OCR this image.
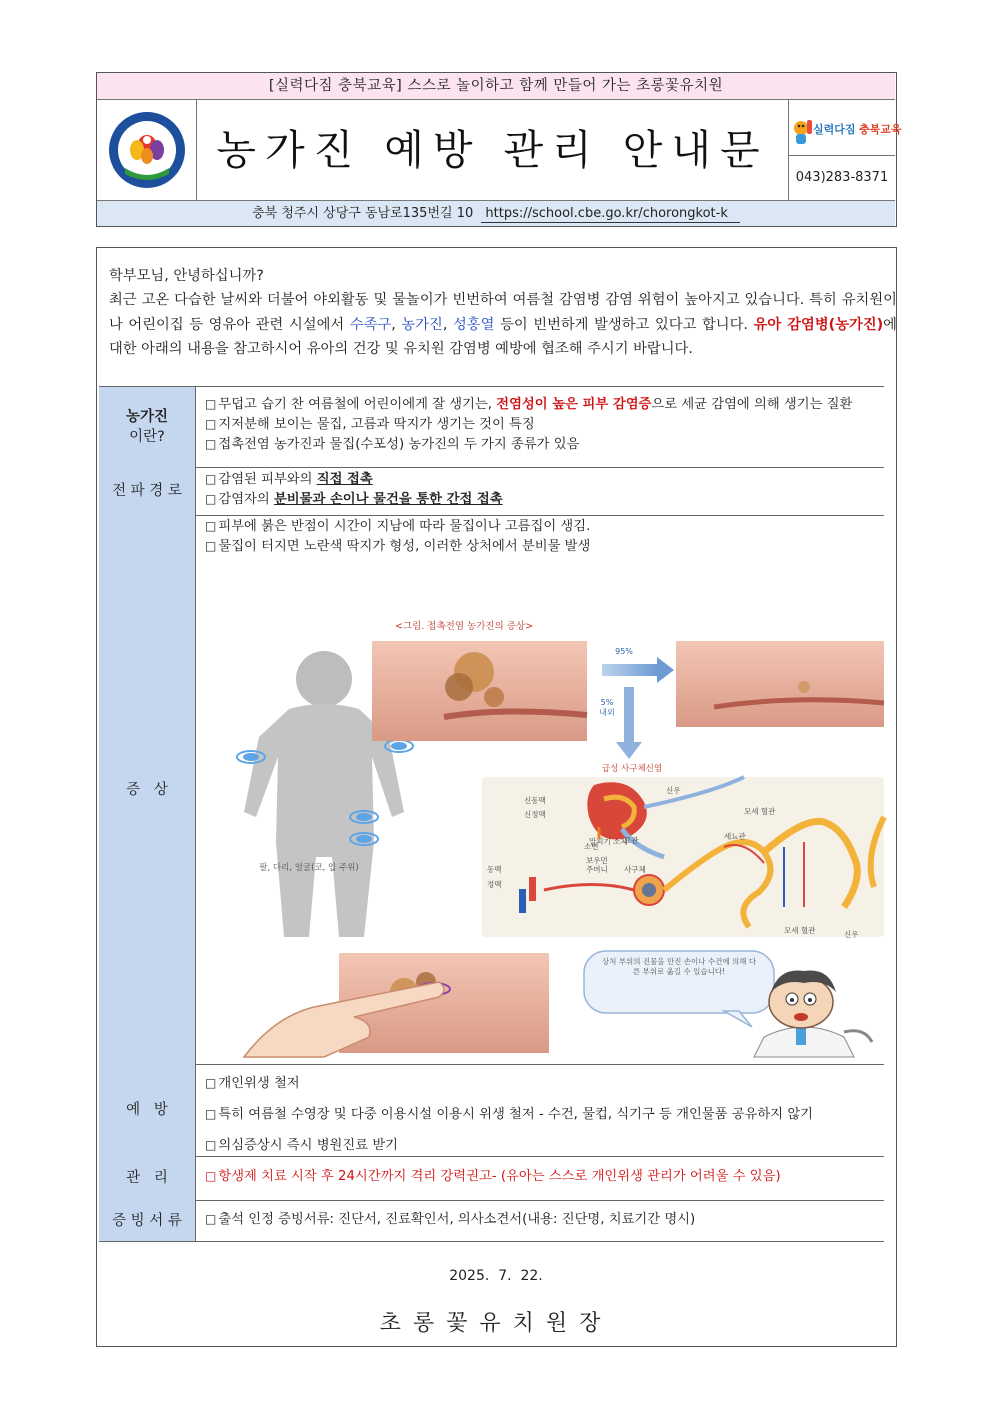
[실력다짐 충북교육] 스스로 놀이하고 함께 만들어 가는 초롱꽃유치원
농가진 예방 관리 안내문	실력다짐 충북교육
043)283-8371
충북 청주시 상당구 동남로135번길 10 https://school.cbe.go.kr/chorongkot-k

학부모님, 안녕하십니까?

최근 고온 다습한 날씨와 더불어 야외활동 및 물놀이가 빈번하여 여름철 감염병 감염 위험이 높아지고 있습니다. 특히 유치원이나 어린이집 등 영유아 관련 시설에서 수족구, 농가진, 성홍열 등이 빈번하게 발생하고 있다고 합니다. 유아 감염병(농가진)에 대한 아래의 내용을 참고하시어 유아의 건강 및 유치원 감염병 예방에 협조해 주시기 바랍니다.

농가진
이란?
□ 무덥고 습기 찬 여름철에 어린이에게 잘 생기는, 전염성이 높은 피부 감염증으로 세균 감염에 의해 생기는 질환
□ 지저분해 보이는 물집, 고름과 딱지가 생기는 것이 특징
□ 접촉전염 농가진과 물집(수포성) 농가진의 두 가지 종류가 있음
전 파 경 로
□ 감염된 피부와의 직접 접촉
□ 감염자의 분비물과 손이나 물건을 통한 간접 접촉
증   상
□ 피부에 붉은 반점이 시간이 지남에 따라 물집이나 고름집이 생김.
□ 물집이 터지면 노란색 딱지가 형성, 이러한 상처에서 분비물 발생
<그림. 접촉전염 농가진의 증상>
팔, 다리, 얼굴(코, 입 주위)
95%
5%
내외
급성 사구체신염
신동맥
신정맥
신우
소변
요관
모세 혈관
세뇨관
말피기 소체
보우먼
주머니 사구체
동맥
정맥
모세 혈관	신우
상처 부위의 진물을 만진 손이나 수건에 의해 다른 부위로 옮길 수 있습니다!
예   방
□ 개인위생 철저
□ 특히 여름철 수영장 및 다중 이용시설 이용시 위생 철저 - 수건, 물컵, 식기구 등 개인물품 공유하지 않기
□ 의심증상시 즉시 병원진료 받기
관   리	□ 항생제 치료 시작 후 24시간까지 격리 강력권고- (유아는 스스로 개인위생 관리가 어려울 수 있음)
증 빙 서 류	□ 출석 인정 증빙서류: 진단서, 진료확인서, 의사소견서(내용: 진단명, 치료기간 명시)
2025.  7.  22.
초롱꽃유치원장
